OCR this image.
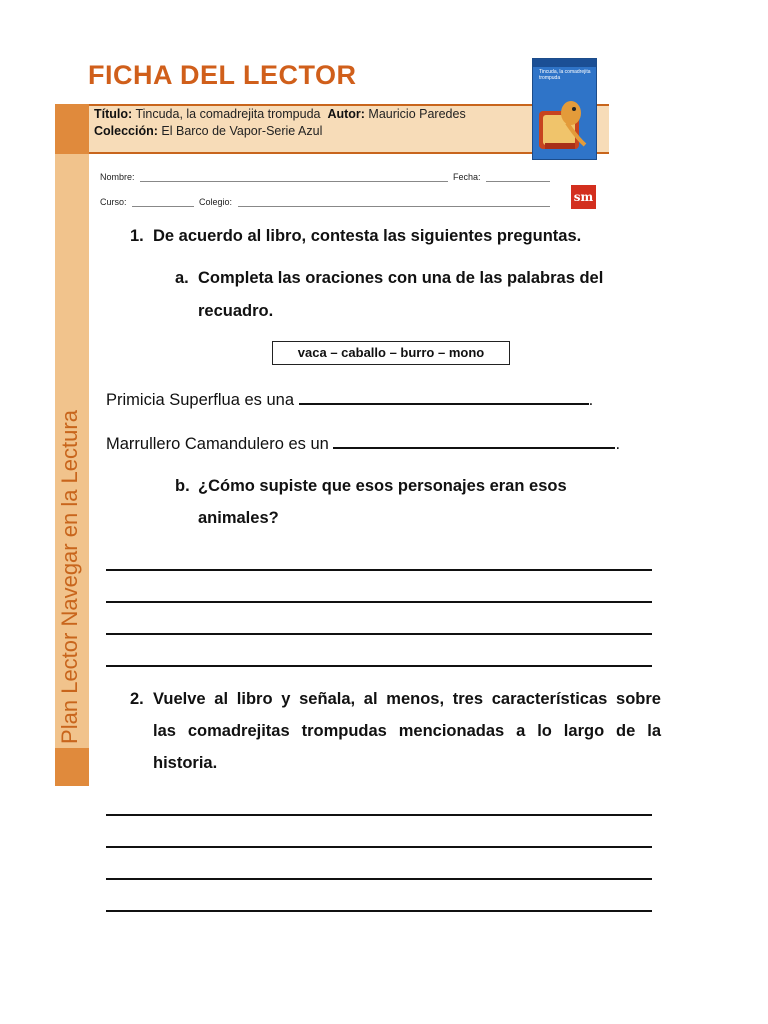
Plan Lector Navegar en la Lectura
FICHA DEL LECTOR
Título: Tincuda, la comadrejita trompuda Autor: Mauricio Paredes
Colección: El Barco de Vapor-Serie Azul
Tincuda, la comadrejita trompuda
Nombre:	Fecha:
Curso:	Colegio:	sm
1. De acuerdo al libro, contesta las siguientes preguntas.
a. Completa las oraciones con una de las palabras del
recuadro.
vaca – caballo – burro – mono
Primicia Superflua es una	.
Marrullero Camandulero es un	.
b. ¿Cómo supiste que esos personajes eran esos
animales?
2. Vuelve al libro y señala, al menos, tres características sobre
las comadrejitas trompudas mencionadas a lo largo de la
historia.
